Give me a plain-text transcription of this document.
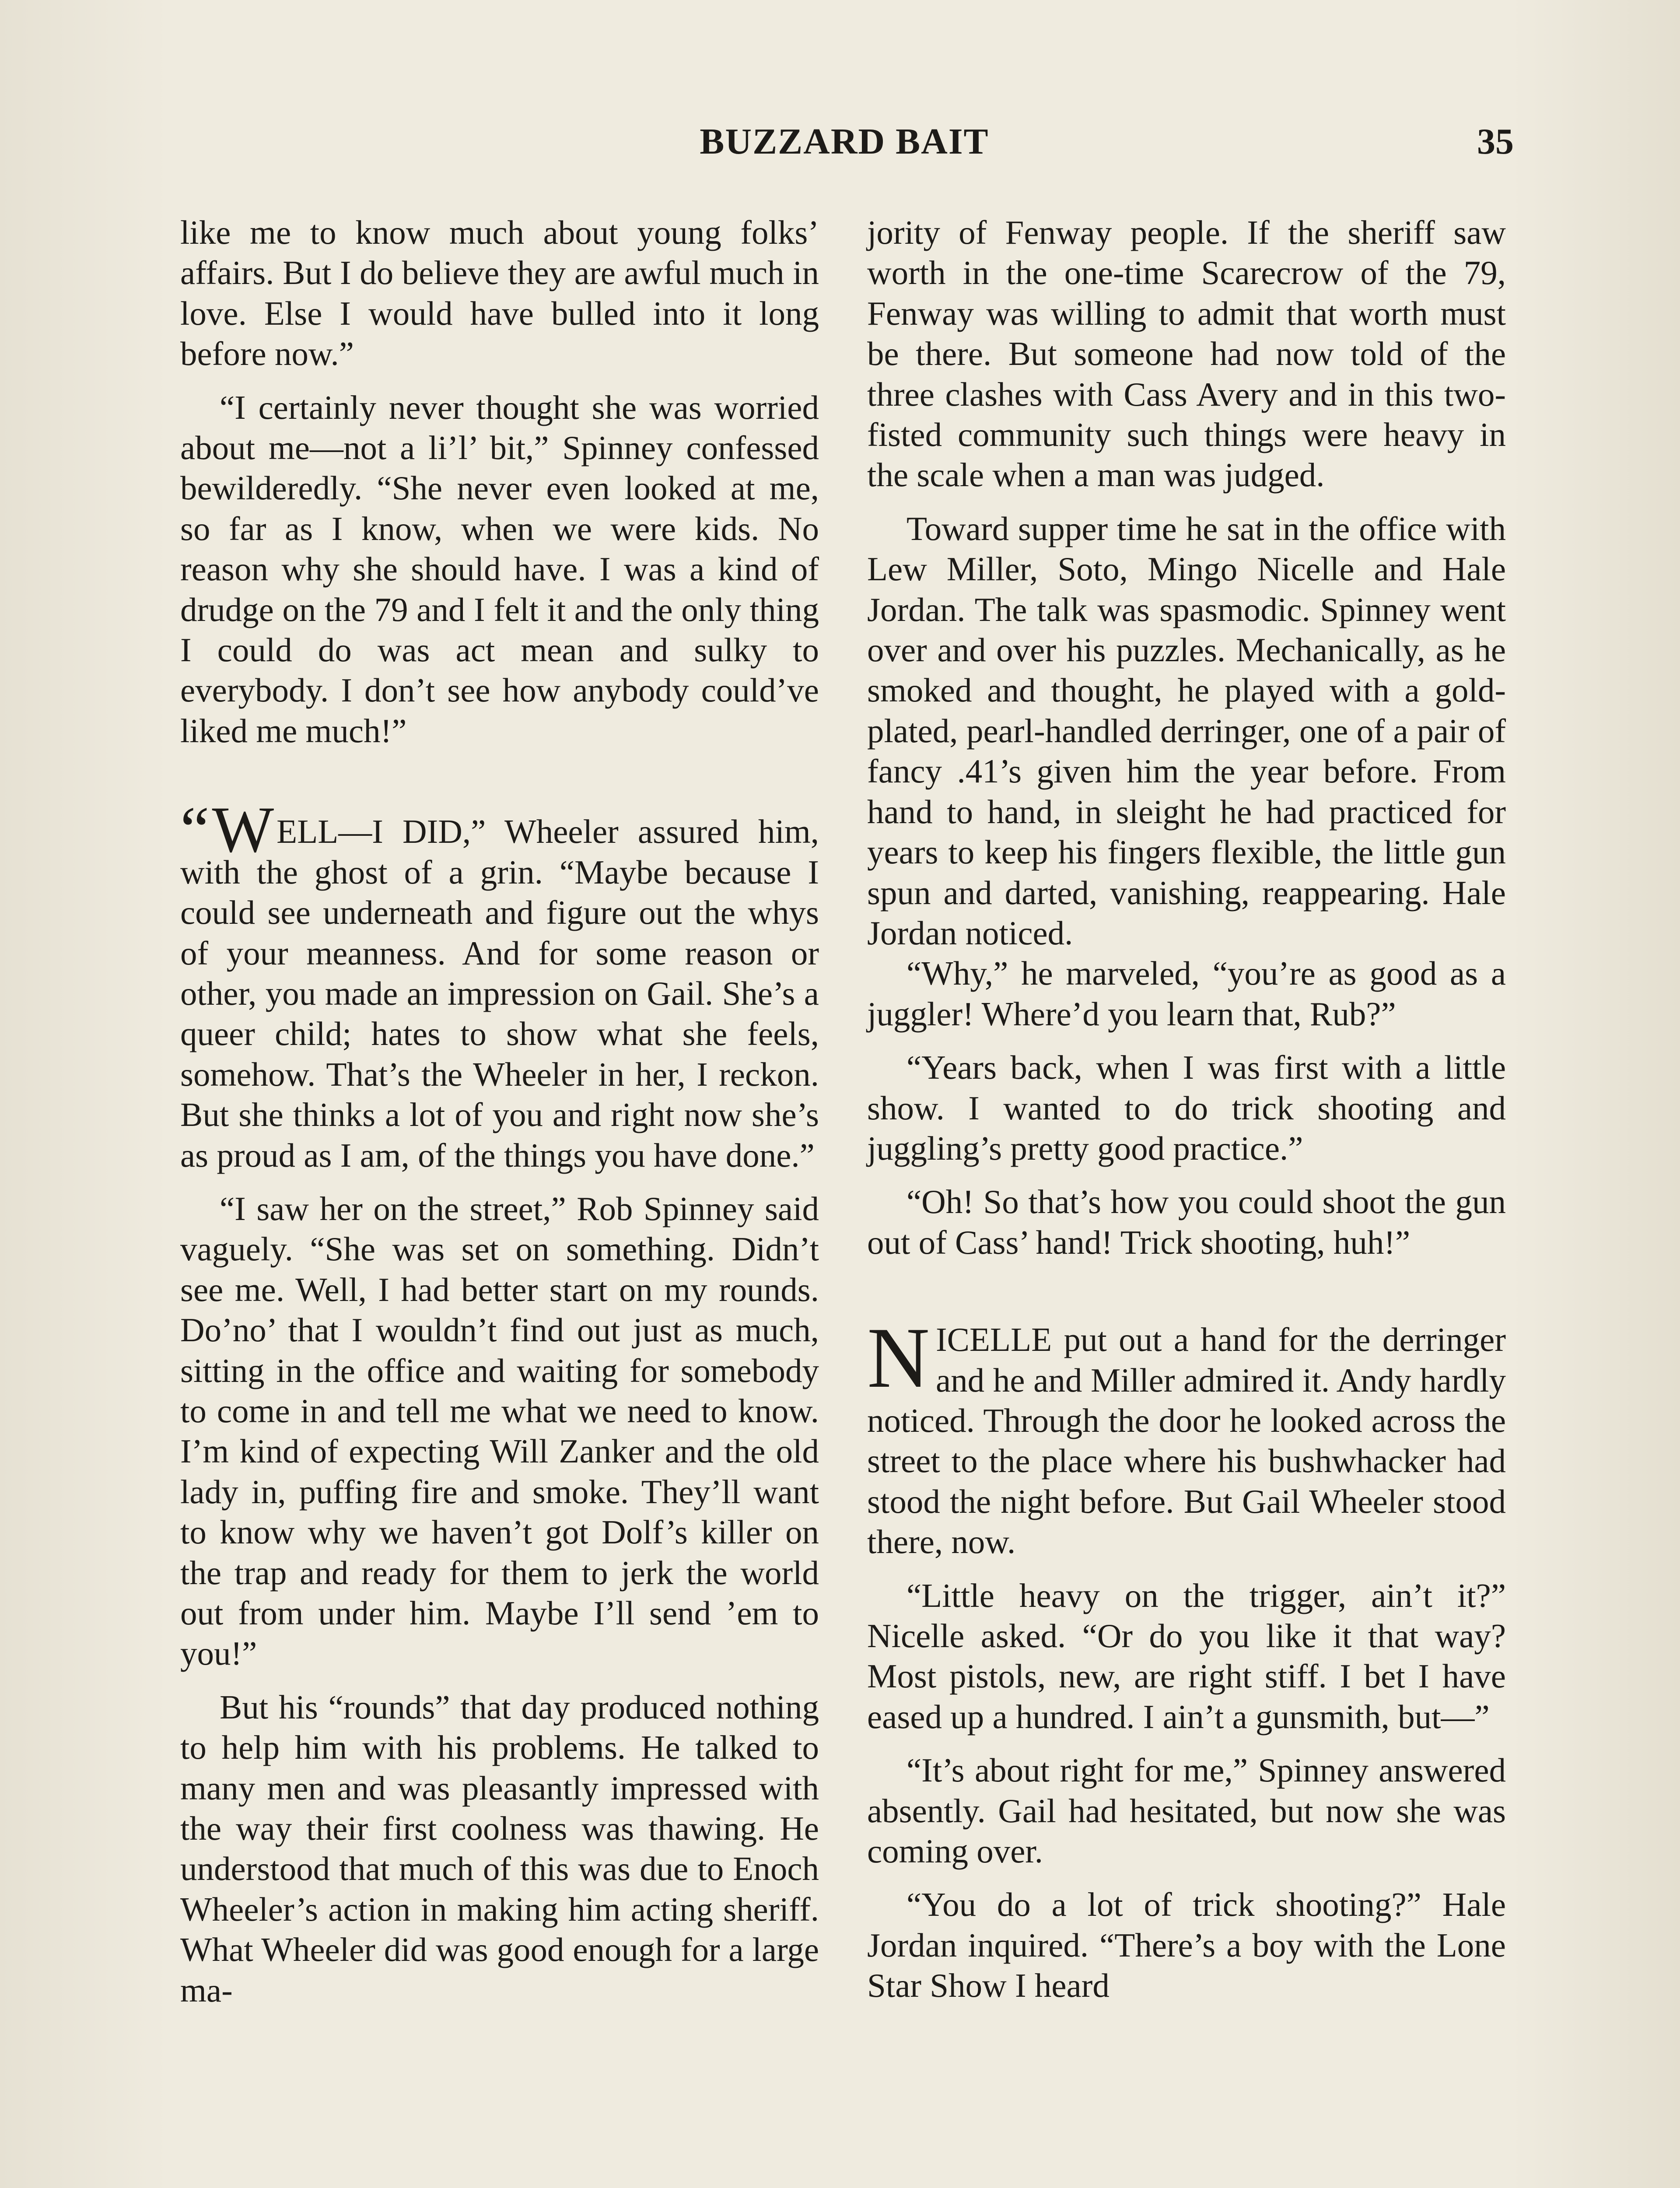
BUZZARD BAIT	35

like me to know much about young folks’ affairs. But I do believe they are awful much in love. Else I would have bulled into it long before now.”

“I certainly never thought she was worried about me—not a li’l’ bit,” Spinney confessed bewilderedly. “She never even looked at me, so far as I know, when we were kids. No reason why she should have. I was a kind of drudge on the 79 and I felt it and the only thing I could do was act mean and sulky to everybody. I don’t see how anybody could’ve liked me much!”

“WELL—I DID,” Wheeler assured him, with the ghost of a grin. “Maybe because I could see underneath and figure out the whys of your meanness. And for some reason or other, you made an impression on Gail. She’s a queer child; hates to show what she feels, somehow. That’s the Wheeler in her, I reckon. But she thinks a lot of you and right now she’s as proud as I am, of the things you have done.”

“I saw her on the street,” Rob Spinney said vaguely. “She was set on something. Didn’t see me. Well, I had better start on my rounds. Do’no’ that I wouldn’t find out just as much, sitting in the office and waiting for somebody to come in and tell me what we need to know. I’m kind of expecting Will Zanker and the old lady in, puffing fire and smoke. They’ll want to know why we haven’t got Dolf’s killer on the trap and ready for them to jerk the world out from under him. Maybe I’ll send ’em to you!”

But his “rounds” that day produced nothing to help him with his problems. He talked to many men and was pleasantly impressed with the way their first coolness was thawing. He understood that much of this was due to Enoch Wheeler’s action in making him acting sheriff. What Wheeler did was good enough for a large ma-

jority of Fenway people. If the sheriff saw worth in the one-time Scarecrow of the 79, Fenway was willing to admit that worth must be there. But someone had now told of the three clashes with Cass Avery and in this two-fisted community such things were heavy in the scale when a man was judged.

Toward supper time he sat in the office with Lew Miller, Soto, Mingo Nicelle and Hale Jordan. The talk was spasmodic. Spinney went over and over his puzzles. Mechanically, as he smoked and thought, he played with a gold-plated, pearl-handled derringer, one of a pair of fancy .41’s given him the year before. From hand to hand, in sleight he had practiced for years to keep his fingers flexible, the little gun spun and darted, vanishing, reappearing. Hale Jordan noticed.

“Why,” he marveled, “you’re as good as a juggler! Where’d you learn that, Rub?”

“Years back, when I was first with a little show. I wanted to do trick shooting and juggling’s pretty good practice.”

“Oh! So that’s how you could shoot the gun out of Cass’ hand! Trick shooting, huh!”

NICELLE put out a hand for the derringer and he and Miller admired it. Andy hardly noticed. Through the door he looked across the street to the place where his bushwhacker had stood the night before. But Gail Wheeler stood there, now.

“Little heavy on the trigger, ain’t it?” Nicelle asked. “Or do you like it that way? Most pistols, new, are right stiff. I bet I have eased up a hundred. I ain’t a gunsmith, but—”

“It’s about right for me,” Spinney answered absently. Gail had hesitated, but now she was coming over.

“You do a lot of trick shooting?” Hale Jordan inquired. “There’s a boy with the Lone Star Show I heard
